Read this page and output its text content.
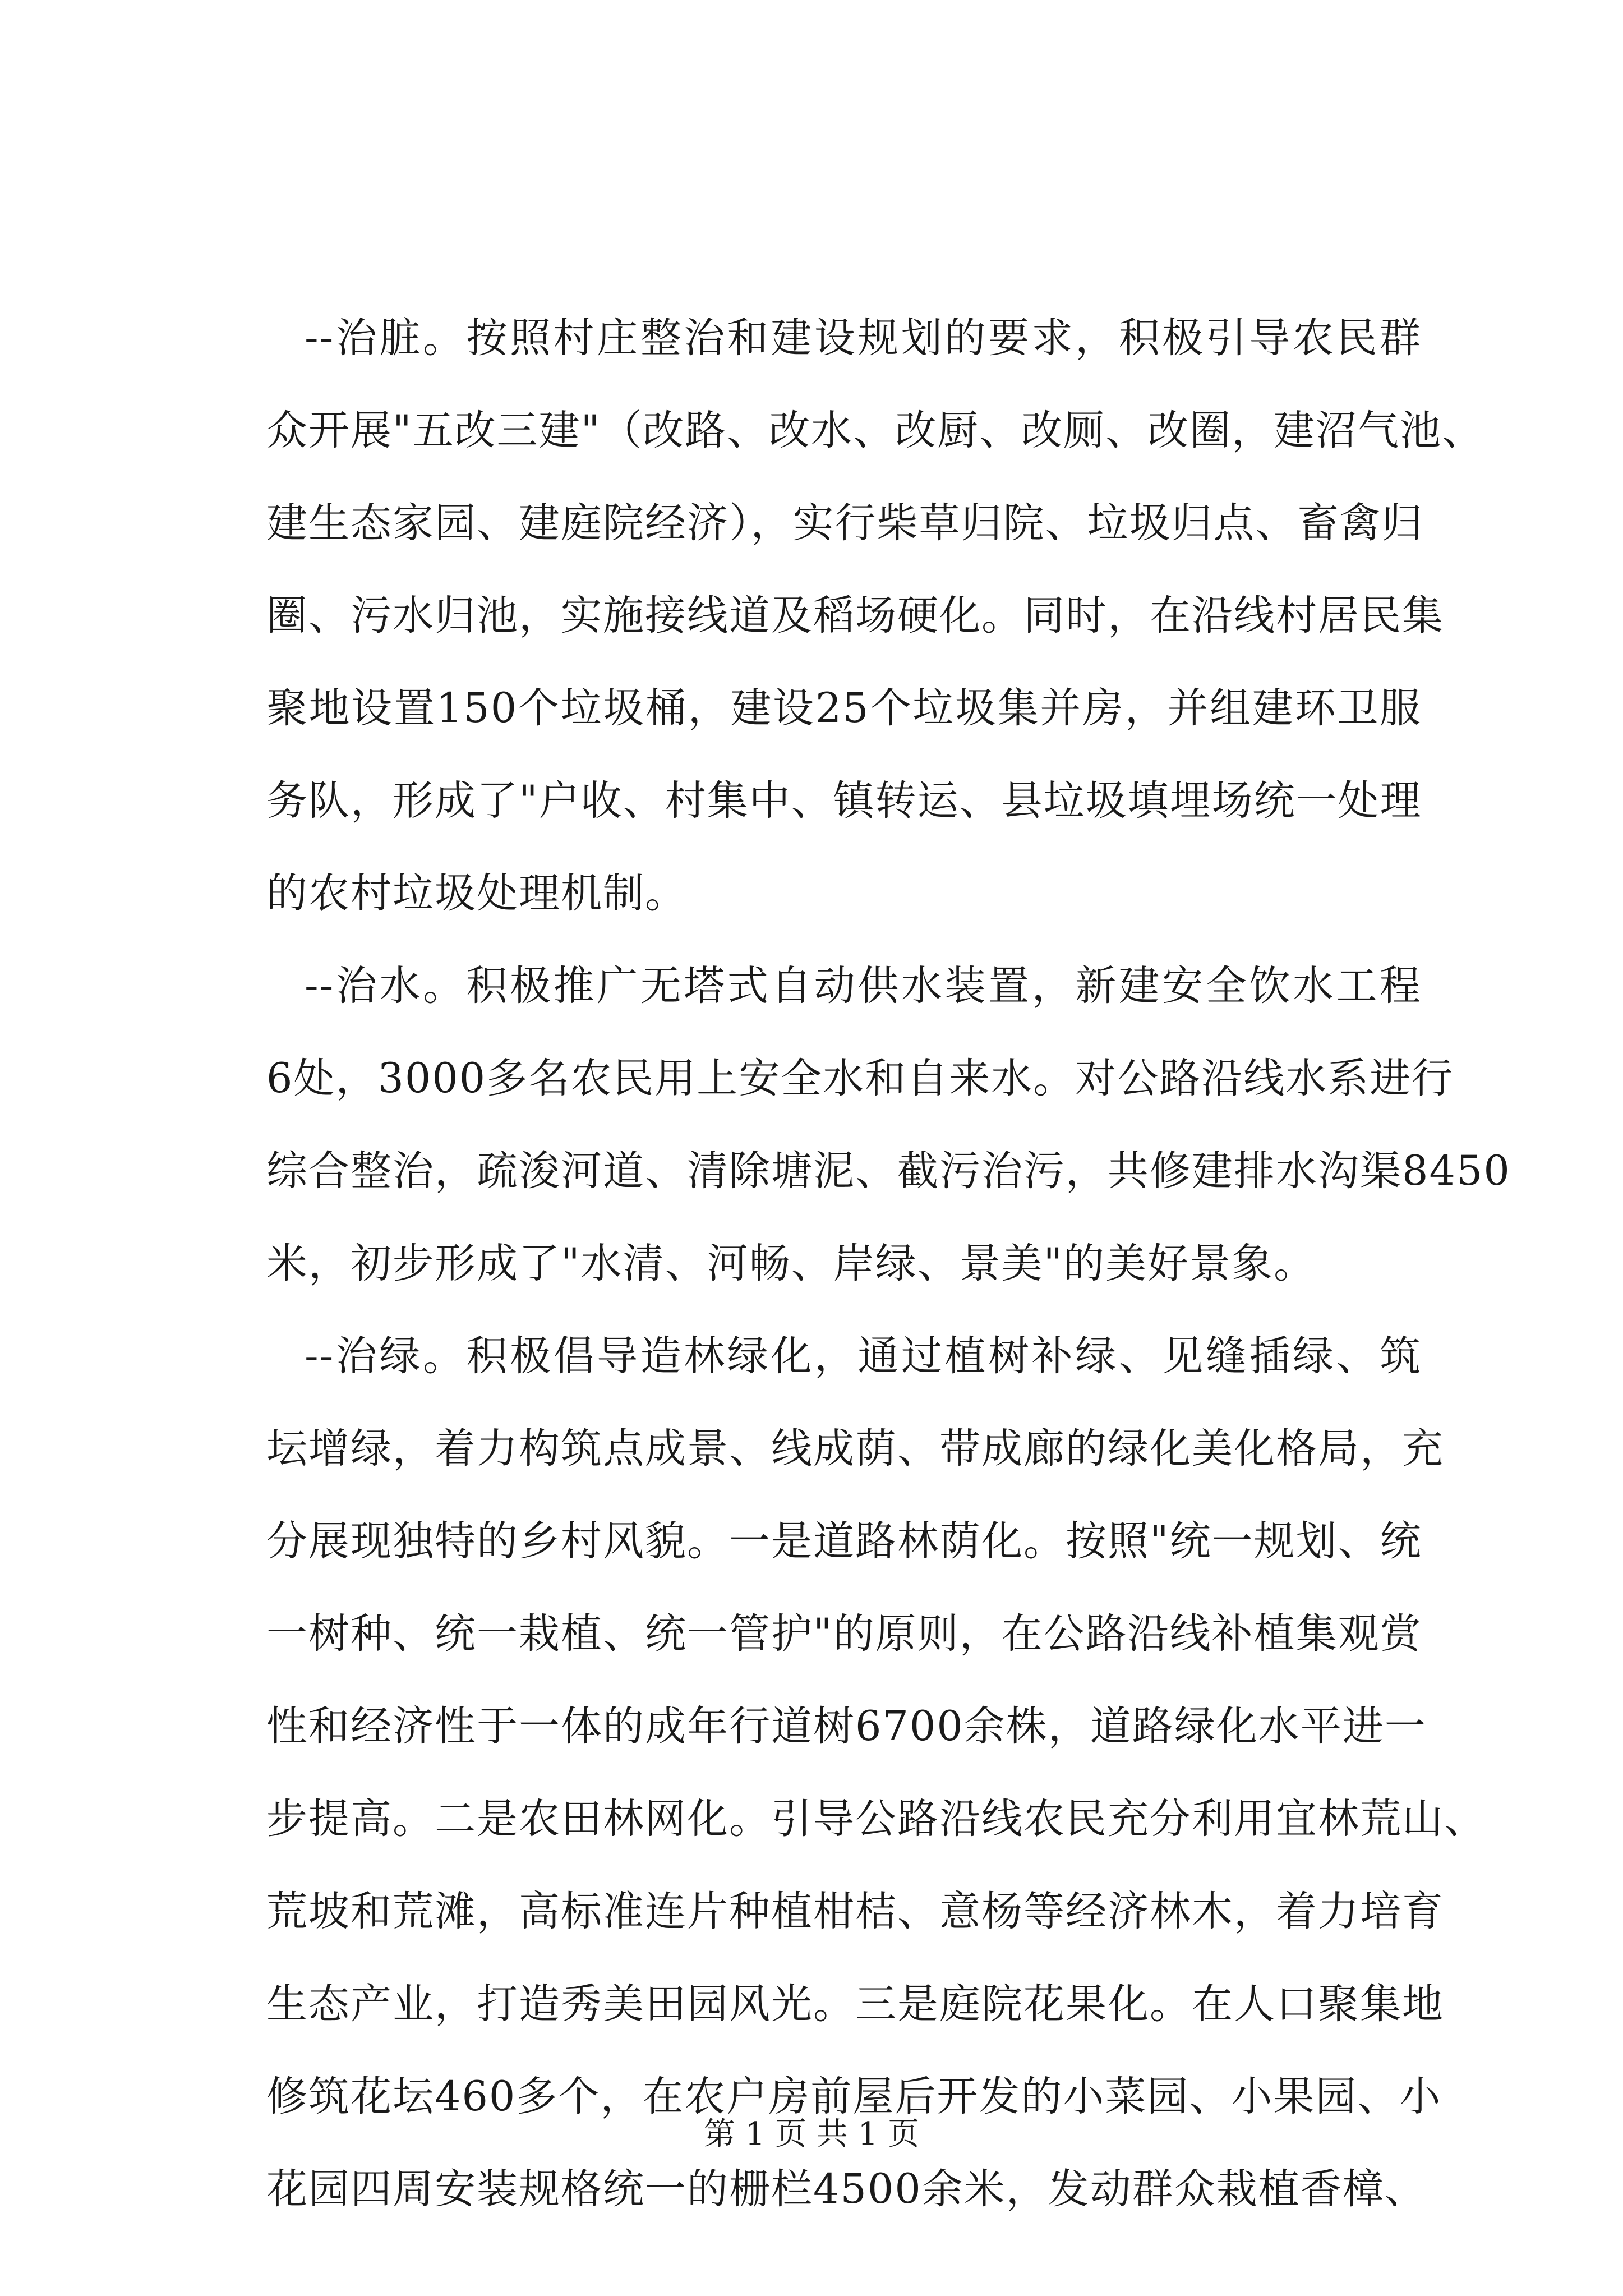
--治脏。按照村庄整治和建设规划的要求，积极引导农民群
众开展"五改三建"（改路、改水、改厨、改厕、改圈，建沼气池、
建生态家园、建庭院经济），实行柴草归院、垃圾归点、畜禽归
圈、污水归池，实施接线道及稻场硬化。同时，在沿线村居民集
聚地设置150个垃圾桶，建设25个垃圾集并房，并组建环卫服
务队，形成了"户收、村集中、镇转运、县垃圾填埋场统一处理
的农村垃圾处理机制。
--治水。积极推广无塔式自动供水装置，新建安全饮水工程
6处，3000多名农民用上安全水和自来水。对公路沿线水系进行
综合整治，疏浚河道、清除塘泥、截污治污，共修建排水沟渠8450
米，初步形成了"水清、河畅、岸绿、景美"的美好景象。
--治绿。积极倡导造林绿化，通过植树补绿、见缝插绿、筑
坛增绿，着力构筑点成景、线成荫、带成廊的绿化美化格局，充
分展现独特的乡村风貌。一是道路林荫化。按照"统一规划、统
一树种、统一栽植、统一管护"的原则，在公路沿线补植集观赏
性和经济性于一体的成年行道树6700余株，道路绿化水平进一
步提高。二是农田林网化。引导公路沿线农民充分利用宜林荒山、
荒坡和荒滩，高标准连片种植柑桔、意杨等经济林木，着力培育
生态产业，打造秀美田园风光。三是庭院花果化。在人口聚集地
修筑花坛460多个，在农户房前屋后开发的小菜园、小果园、小
花园四周安装规格统一的栅栏4500余米，发动群众栽植香樟、
第 1 页 共 1 页
